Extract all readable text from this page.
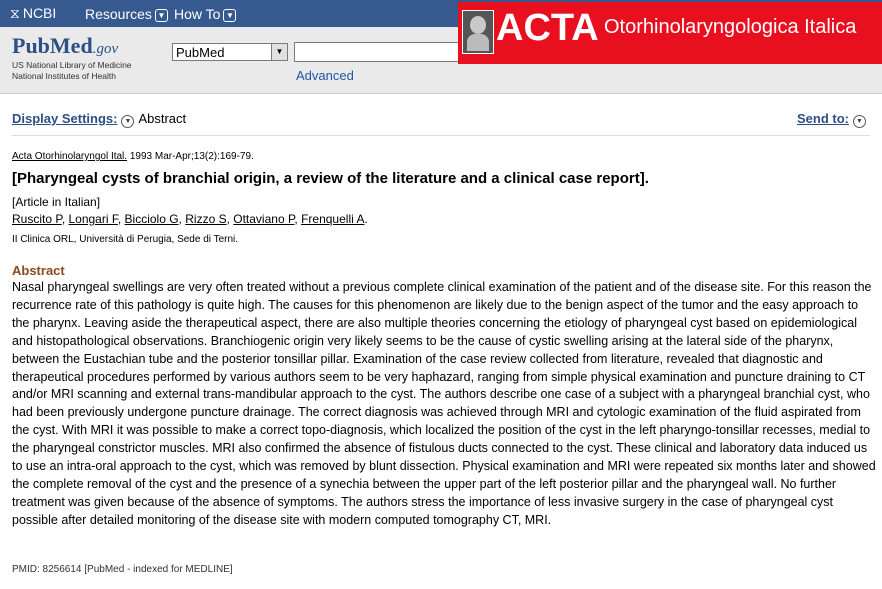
⧖ NCBI Resources ▼ How To ▼
PubMed.gov
US National Library of Medicine
National Institutes of Health
PubMed	▼
Advanced
ACTA Otorhinolaryngologica Italica
Display Settings: ▼ Abstract	Send to: ▼
Acta Otorhinolaryngol Ital. 1993 Mar-Apr;13(2):169-79.
[Pharyngeal cysts of branchial origin, a review of the literature and a clinical case report].
[Article in Italian]
Ruscito P, Longari F, Bicciolo G, Rizzo S, Ottaviano P, Frenquelli A.
II Clinica ORL, Università di Perugia, Sede di Terni.
Abstract
Nasal pharyngeal swellings are very often treated without a previous complete clinical examination of the patient and of the disease site. For this reason the recurrence rate of this pathology is quite high. The causes for this phenomenon are likely due to the benign aspect of the tumor and the easy approach to the pharynx. Leaving aside the therapeutical aspect, there are also multiple theories concerning the etiology of pharyngeal cyst based on epidemiological and histopathological observations. Branchiogenic origin very likely seems to be the cause of cystic swelling arising at the lateral side of the pharynx, between the Eustachian tube and the posterior tonsillar pillar. Examination of the case review collected from literature, revealed that diagnostic and therapeutical procedures performed by various authors seem to be very haphazard, ranging from simple physical examination and puncture draining to CT and/or MRI scanning and external trans-mandibular approach to the cyst. The authors describe one case of a subject with a pharyngeal branchial cyst, who had been previously undergone puncture drainage. The correct diagnosis was achieved through MRI and cytologic examination of the fluid aspirated from the cyst. With MRI it was possible to make a correct topo-diagnosis, which localized the position of the cyst in the left pharyngo-tonsillar recesses, medial to the pharyngeal constrictor muscles. MRI also confirmed the absence of fistulous ducts connected to the cyst. These clinical and laboratory data induced us to use an intra-oral approach to the cyst, which was removed by blunt dissection. Physical examination and MRI were repeated six months later and showed the complete removal of the cyst and the presence of a synechia between the upper part of the left posterior pillar and the pharyngeal wall. No further treatment was given because of the absence of symptoms. The authors stress the importance of less invasive surgery in the case of pharyngeal cyst possible after detailed monitoring of the disease site with modern computed tomography CT, MRI.
PMID: 8256614 [PubMed - indexed for MEDLINE]
